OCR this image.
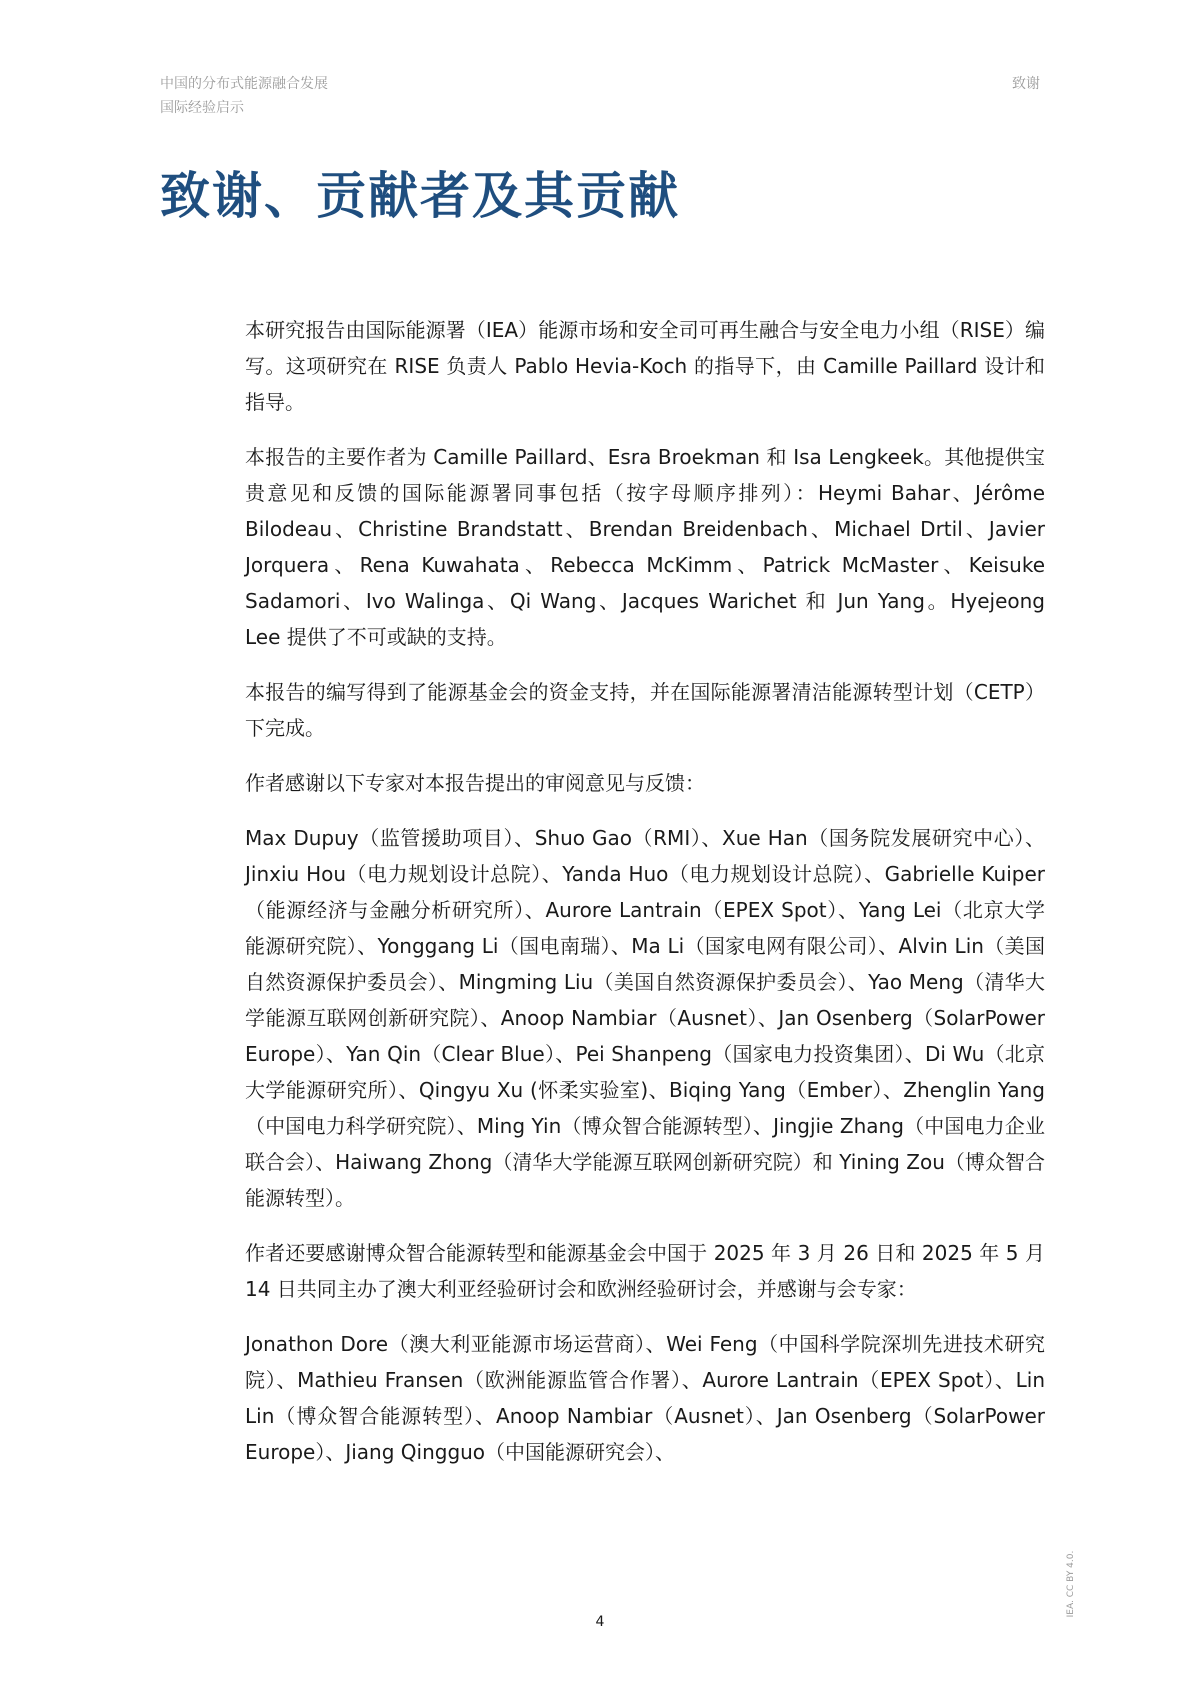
中国的分布式能源融合发展
国际经验启示
致谢
致谢、贡献者及其贡献

本研究报告由国际能源署（IEA）能源市场和安全司可再生融合与安全电力小组（RISE）编写。这项研究在 RISE 负责人 Pablo Hevia-Koch 的指导下，由 Camille Paillard 设计和指导。

本报告的主要作者为 Camille Paillard、Esra Broekman 和 Isa Lengkeek。其他提供宝贵意见和反馈的国际能源署同事包括（按字母顺序排列）：Heymi Bahar、Jérôme Bilodeau、Christine Brandstatt、Brendan Breidenbach、Michael Drtil、Javier Jorquera、Rena Kuwahata、Rebecca McKimm、Patrick McMaster、Keisuke Sadamori、Ivo Walinga、Qi Wang、Jacques Warichet 和 Jun Yang。Hyejeong Lee 提供了不可或缺的支持。

本报告的编写得到了能源基金会的资金支持，并在国际能源署清洁能源转型计划（CETP）下完成。

作者感谢以下专家对本报告提出的审阅意见与反馈：

Max Dupuy（监管援助项目）、Shuo Gao（RMI）、Xue Han（国务院发展研究中心）、Jinxiu Hou（电力规划设计总院）、Yanda Huo（电力规划设计总院）、Gabrielle Kuiper（能源经济与金融分析研究所）、Aurore Lantrain（EPEX Spot）、Yang Lei（北京大学能源研究院）、Yonggang Li（国电南瑞）、Ma Li（国家电网有限公司）、Alvin Lin（美国自然资源保护委员会）、Mingming Liu（美国自然资源保护委员会）、Yao Meng（清华大学能源互联网创新研究院）、Anoop Nambiar（Ausnet）、Jan Osenberg（SolarPower Europe）、Yan Qin（Clear Blue）、Pei Shanpeng（国家电力投资集团）、Di Wu（北京大学能源研究所）、Qingyu Xu (怀柔实验室)、Biqing Yang（Ember）、Zhenglin Yang（中国电力科学研究院）、Ming Yin（博众智合能源转型）、Jingjie Zhang（中国电力企业联合会）、Haiwang Zhong（清华大学能源互联网创新研究院）和 Yining Zou（博众智合能源转型）。

作者还要感谢博众智合能源转型和能源基金会中国于 2025 年 3 月 26 日和 2025 年 5 月 14 日共同主办了澳大利亚经验研讨会和欧洲经验研讨会，并感谢与会专家：

Jonathon Dore（澳大利亚能源市场运营商）、Wei Feng（中国科学院深圳先进技术研究院）、Mathieu Fransen（欧洲能源监管合作署）、Aurore Lantrain（EPEX Spot）、Lin Lin（博众智合能源转型）、Anoop Nambiar（Ausnet）、Jan Osenberg（SolarPower Europe）、Jiang Qingguo（中国能源研究会）、

4
IEA. CC BY 4.0.
